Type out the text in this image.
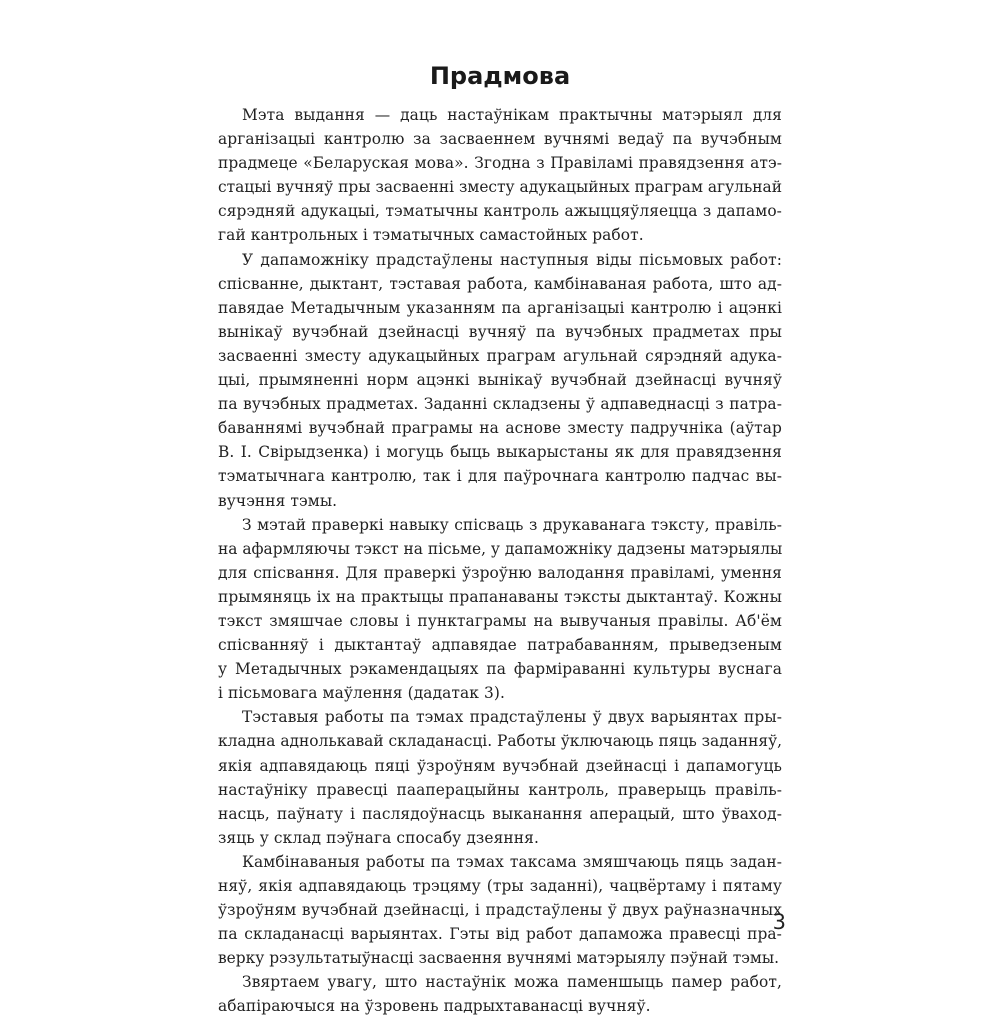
Прадмова
Мэта выдання — даць настаўнікам практычны матэрыял для
арганізацыі кантролю за засваеннем вучнямі ведаў па вучэбным
прадмеце «Беларуская мова». Згодна з Правіламі правядзення атэ-
стацыі вучняў пры засваенні зместу адукацыйных праграм агульнай
сярэдняй адукацыі, тэматычны кантроль ажыццяўляецца з дапамо-
гай кантрольных і тэматычных самастойных работ.
У дапаможніку прадстаўлены наступныя віды пісьмовых работ:
спісванне, дыктант, тэставая работа, камбінаваная работа, што ад-
павядае Метадычным указанням па арганізацыі кантролю і ацэнкі
вынікаў вучэбнай дзейнасці вучняў па вучэбных прадметах пры
засваенні зместу адукацыйных праграм агульнай сярэдняй адука-
цыі, прымяненні норм ацэнкі вынікаў вучэбнай дзейнасці вучняў
па вучэбных прадметах. Заданні складзены ў адпаведнасці з патра-
баваннямі вучэбнай праграмы на аснове зместу падручніка (аўтар
В. І. Свірыдзенка) і могуць быць выкарыстаны як для правядзення
тэматычнага кантролю, так і для паўрочнага кантролю падчас вы-
вучэння тэмы.
З мэтай праверкі навыку спісваць з друкаванага тэксту, правіль-
на афармляючы тэкст на пісьме, у дапаможніку дадзены матэрыялы
для спісвання. Для праверкі ўзроўню валодання правіламі, умення
прымяняць іх на практыцы прапанаваны тэксты дыктантаў. Кожны
тэкст змяшчае словы і пунктаграмы на вывучаныя правілы. Аб'ём
спісванняў і дыктантаў адпавядае патрабаванням, прыведзеным
у Метадычных рэкамендацыях па фарміраванні культуры вуснага
і пісьмовага маўлення (дадатак 3).
Тэставыя работы па тэмах прадстаўлены ў двух варыянтах пры-
кладна аднолькавай складанасці. Работы ўключаюць пяць заданняў,
якія адпавядаюць пяці ўзроўням вучэбнай дзейнасці і дапамогуць
настаўніку правесці пааперацыйны кантроль, праверыць правіль-
насць, паўнату і паслядоўнасць выканання аперацый, што ўваход-
зяць у склад пэўнага спосабу дзеяння.
Камбінаваныя работы па тэмах таксама змяшчаюць пяць задан-
няў, якія адпавядаюць трэцяму (тры заданні), чацвёртаму і пятаму
ўзроўням вучэбнай дзейнасці, і прадстаўлены ў двух раўназначных
па складанасці варыянтах. Гэты від работ дапаможа правесці пра-
верку рэзультатыўнасці засваення вучнямі матэрыялу пэўнай тэмы.
Звяртаем увагу, што настаўнік можа паменшыць памер работ,
абапіраючыся на ўзровень падрыхтаванасці вучняў.
3
